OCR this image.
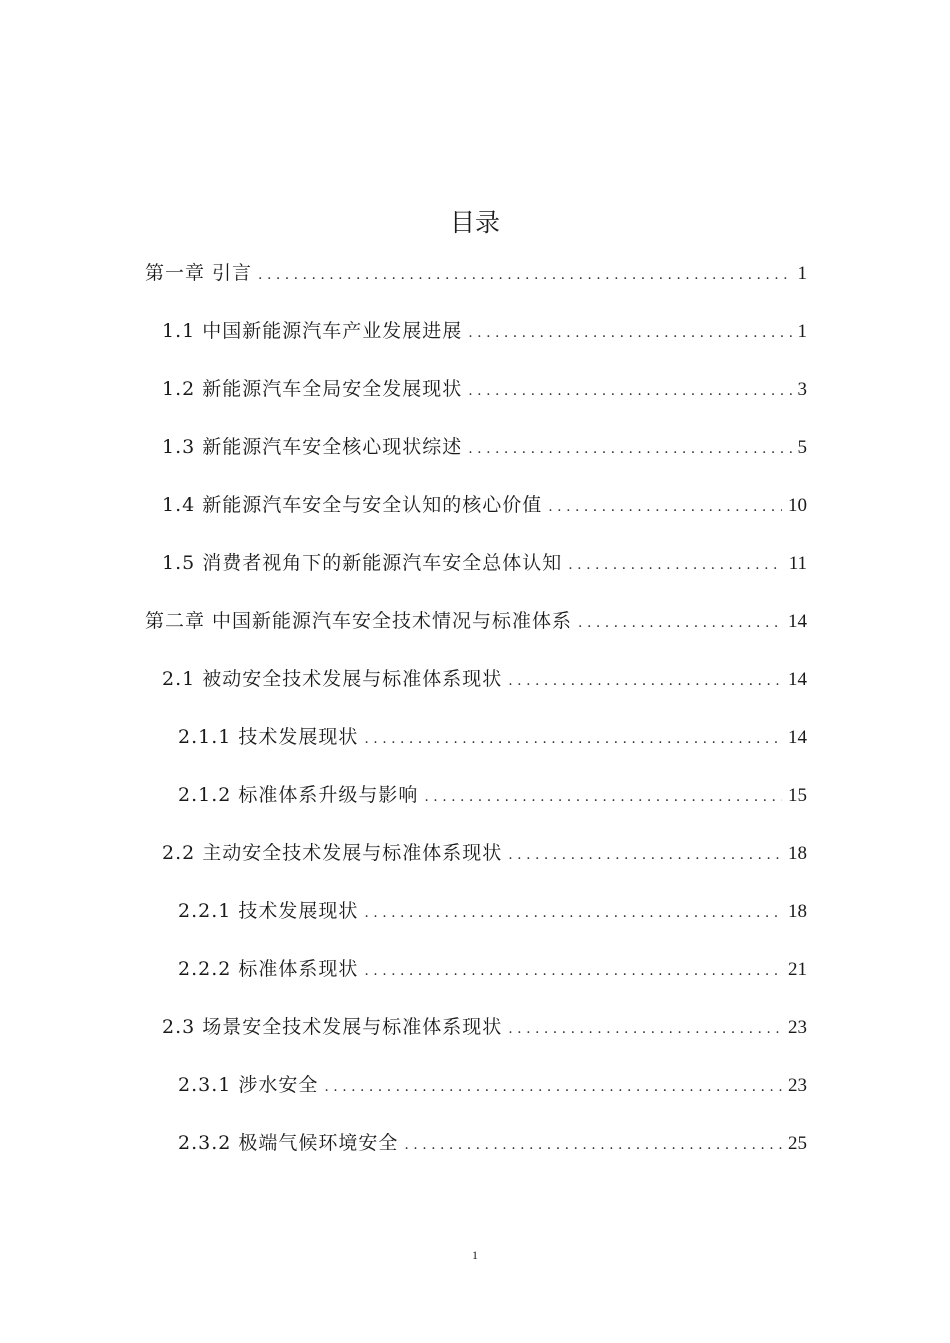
目录
第一章 引言 . . .	1
1.1 中国新能源汽车产业发展进展 . . .	1
1.2 新能源汽车全局安全发展现状 . . .	3
1.3 新能源汽车安全核心现状综述 . . .	5
1.4 新能源汽车安全与安全认知的核心价值 . . .	10
1.5 消费者视角下的新能源汽车安全总体认知 . . .	11
第二章 中国新能源汽车安全技术情况与标准体系 . . .	14
2.1 被动安全技术发展与标准体系现状 . . .	14
2.1.1 技术发展现状 . . .	14
2.1.2 标准体系升级与影响 . . .	15
2.2 主动安全技术发展与标准体系现状 . . .	18
2.2.1 技术发展现状 . . .	18
2.2.2 标准体系现状 . . .	21
2.3 场景安全技术发展与标准体系现状 . . .	23
2.3.1 涉水安全 . . .	23
2.3.2 极端气候环境安全 . . .	25
1
